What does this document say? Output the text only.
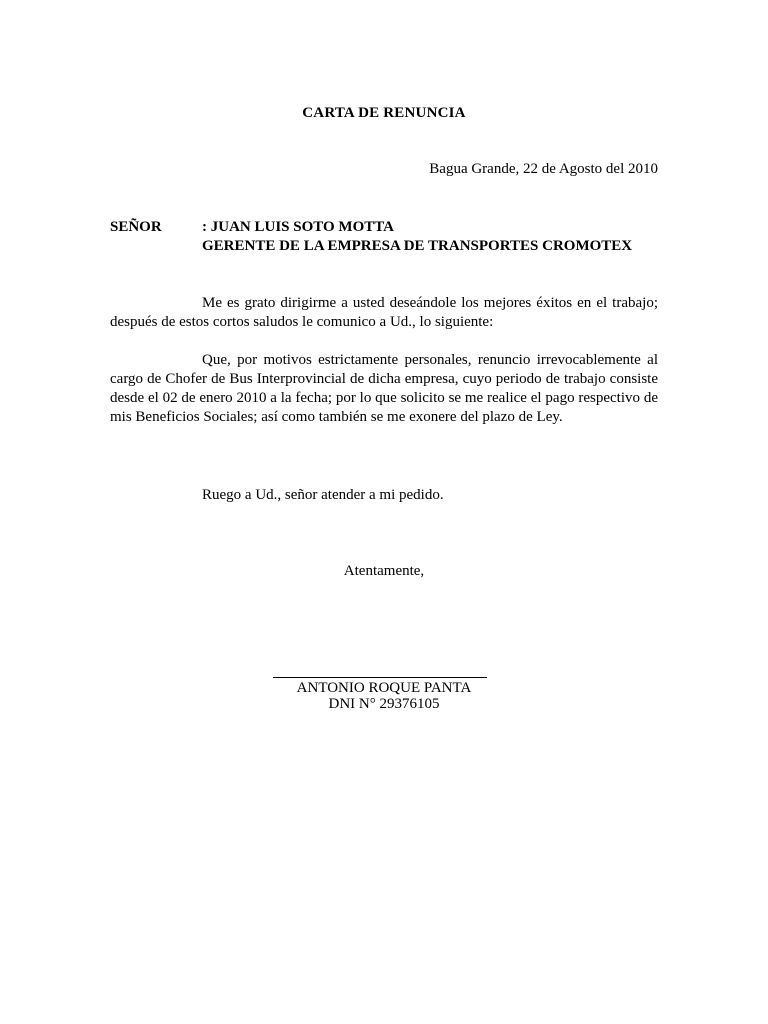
CARTA DE RENUNCIA
Bagua Grande, 22 de Agosto del 2010
SEÑOR	: JUAN LUIS SOTO MOTTA
GERENTE DE LA EMPRESA DE TRANSPORTES CROMOTEX
Me es grato dirigirme a usted deseándole los mejores éxitos en el trabajo; después de estos cortos saludos le comunico a Ud., lo siguiente:
Que, por motivos estrictamente personales, renuncio irrevocablemente al cargo de Chofer de Bus Interprovincial de dicha empresa, cuyo periodo de trabajo consiste desde el 02 de enero 2010 a la fecha; por lo que solicito se me realice el pago respectivo de mis Beneficios Sociales; así como también se me exonere del plazo de Ley.
Ruego a Ud., señor atender a mi pedido.
Atentamente,
ANTONIO ROQUE PANTA
DNI N° 29376105
